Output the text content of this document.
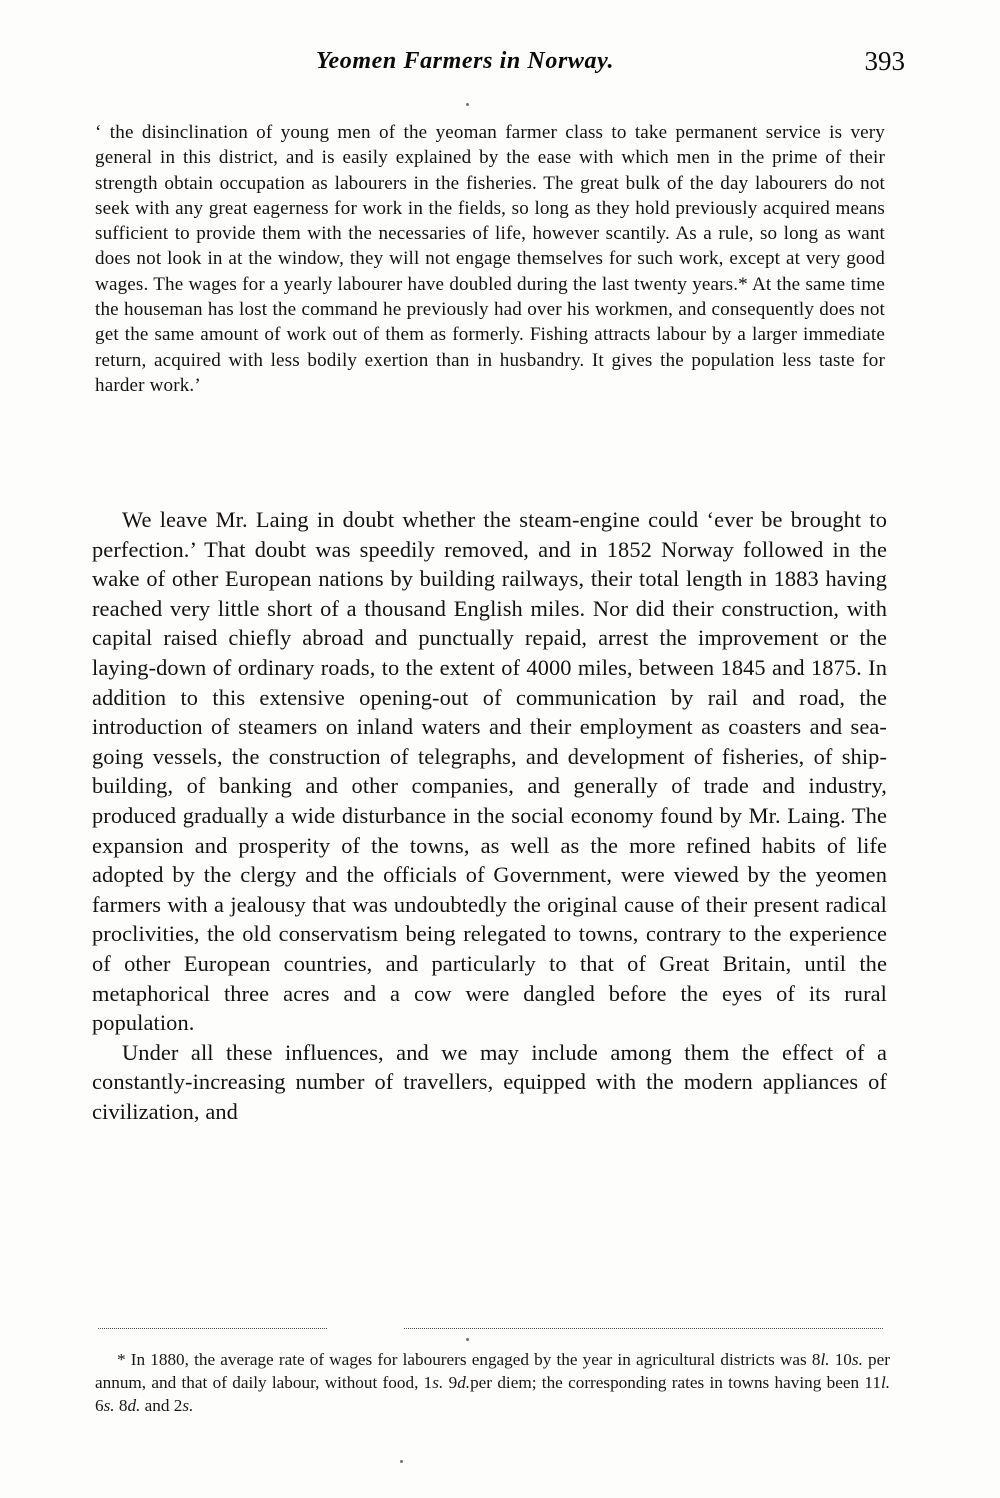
Yeomen Farmers in Norway.	393

‘ the disinclination of young men of the yeoman farmer class to take permanent service is very general in this district, and is easily explained by the ease with which men in the prime of their strength obtain occupation as labourers in the fisheries. The great bulk of the day labourers do not seek with any great eagerness for work in the fields, so long as they hold previously acquired means sufficient to provide them with the necessaries of life, however scantily. As a rule, so long as want does not look in at the window, they will not engage themselves for such work, except at very good wages. The wages for a yearly labourer have doubled during the last twenty years.* At the same time the houseman has lost the command he previously had over his workmen, and consequently does not get the same amount of work out of them as formerly. Fishing attracts labour by a larger immediate return, acquired with less bodily exertion than in husbandry. It gives the population less taste for harder work.’

We leave Mr. Laing in doubt whether the steam-engine could ‘ever be brought to perfection.’ That doubt was speedily removed, and in 1852 Norway followed in the wake of other European nations by building railways, their total length in 1883 having reached very little short of a thousand English miles. Nor did their construction, with capital raised chiefly abroad and punctually repaid, arrest the improvement or the laying-down of ordinary roads, to the extent of 4000 miles, between 1845 and 1875. In addition to this extensive opening-out of communication by rail and road, the introduction of steamers on inland waters and their employment as coasters and sea-going vessels, the construction of telegraphs, and development of fisheries, of ship-building, of banking and other companies, and generally of trade and industry, produced gradually a wide disturbance in the social economy found by Mr. Laing. The expansion and prosperity of the towns, as well as the more refined habits of life adopted by the clergy and the officials of Government, were viewed by the yeomen farmers with a jealousy that was undoubtedly the original cause of their present radical proclivities, the old conservatism being relegated to towns, contrary to the experience of other European countries, and particularly to that of Great Britain, until the metaphorical three acres and a cow were dangled before the eyes of its rural population.

Under all these influences, and we may include among them the effect of a constantly-increasing number of travellers, equipped with the modern appliances of civilization, and

* In 1880, the average rate of wages for labourers engaged by the year in agricultural districts was 8l. 10s. per annum, and that of daily labour, without food, 1s. 9d.per diem; the corresponding rates in towns having been 11l. 6s. 8d. and 2s.
